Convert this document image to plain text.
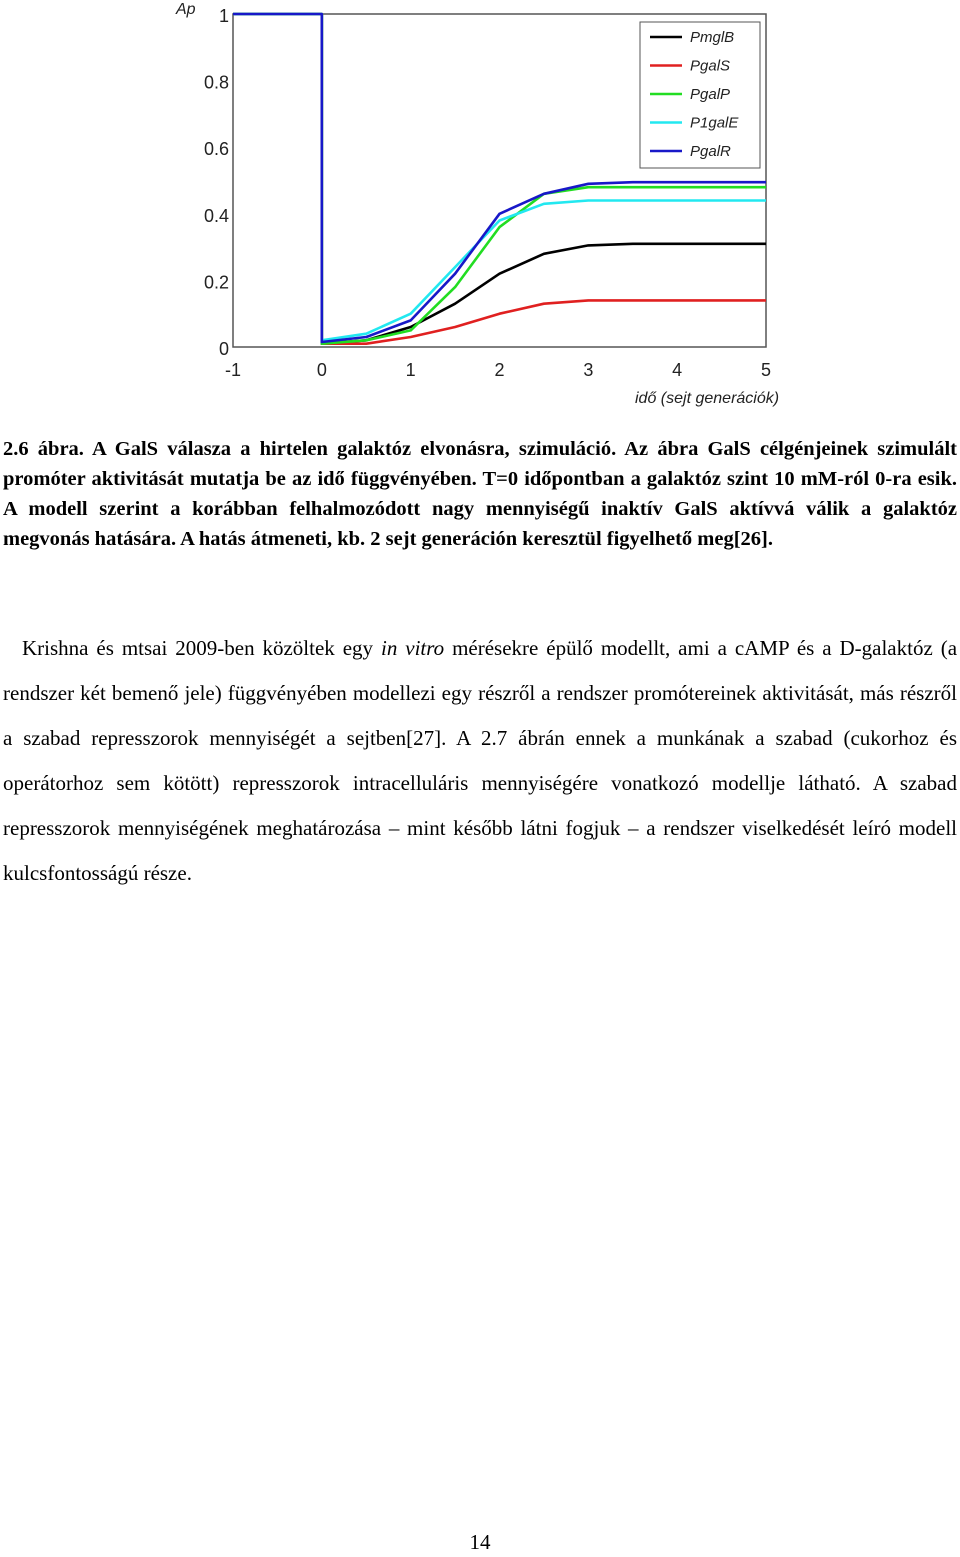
-1	0	1	2	3	4	5
0
0.2
0.4
0.6
0.8
1
Ap
idő (sejt generációk)
PmglB
PgalS
PgalP
P1galE
PgalR

2.6 ábra. A GalS válasza a hirtelen galaktóz elvonásra, szimuláció. Az ábra GalS célgénjeinek szimulált promóter aktivitását mutatja be az idő függvényében. T=0 időpontban a galaktóz szint 10 mM-ról 0-ra esik. A modell szerint a korábban felhalmozódott nagy mennyiségű inaktív GalS aktívvá válik a galaktóz megvonás hatására. A hatás átmeneti, kb. 2 sejt generáción keresztül figyelhető meg[26].

Krishna és mtsai 2009-ben közöltek egy in vitro mérésekre épülő modellt, ami a cAMP és a D-galaktóz (a rendszer két bemenő jele) függvényében modellezi egy részről a rendszer promótereinek aktivitását, más részről a szabad represszorok mennyiségét a sejtben[27]. A 2.7 ábrán ennek a munkának a szabad (cukorhoz és operátorhoz sem kötött) represszorok intracelluláris mennyiségére vonatkozó modellje látható. A szabad represszorok mennyiségének meghatározása – mint később látni fogjuk – a rendszer viselkedését leíró modell kulcsfontosságú része.

14
